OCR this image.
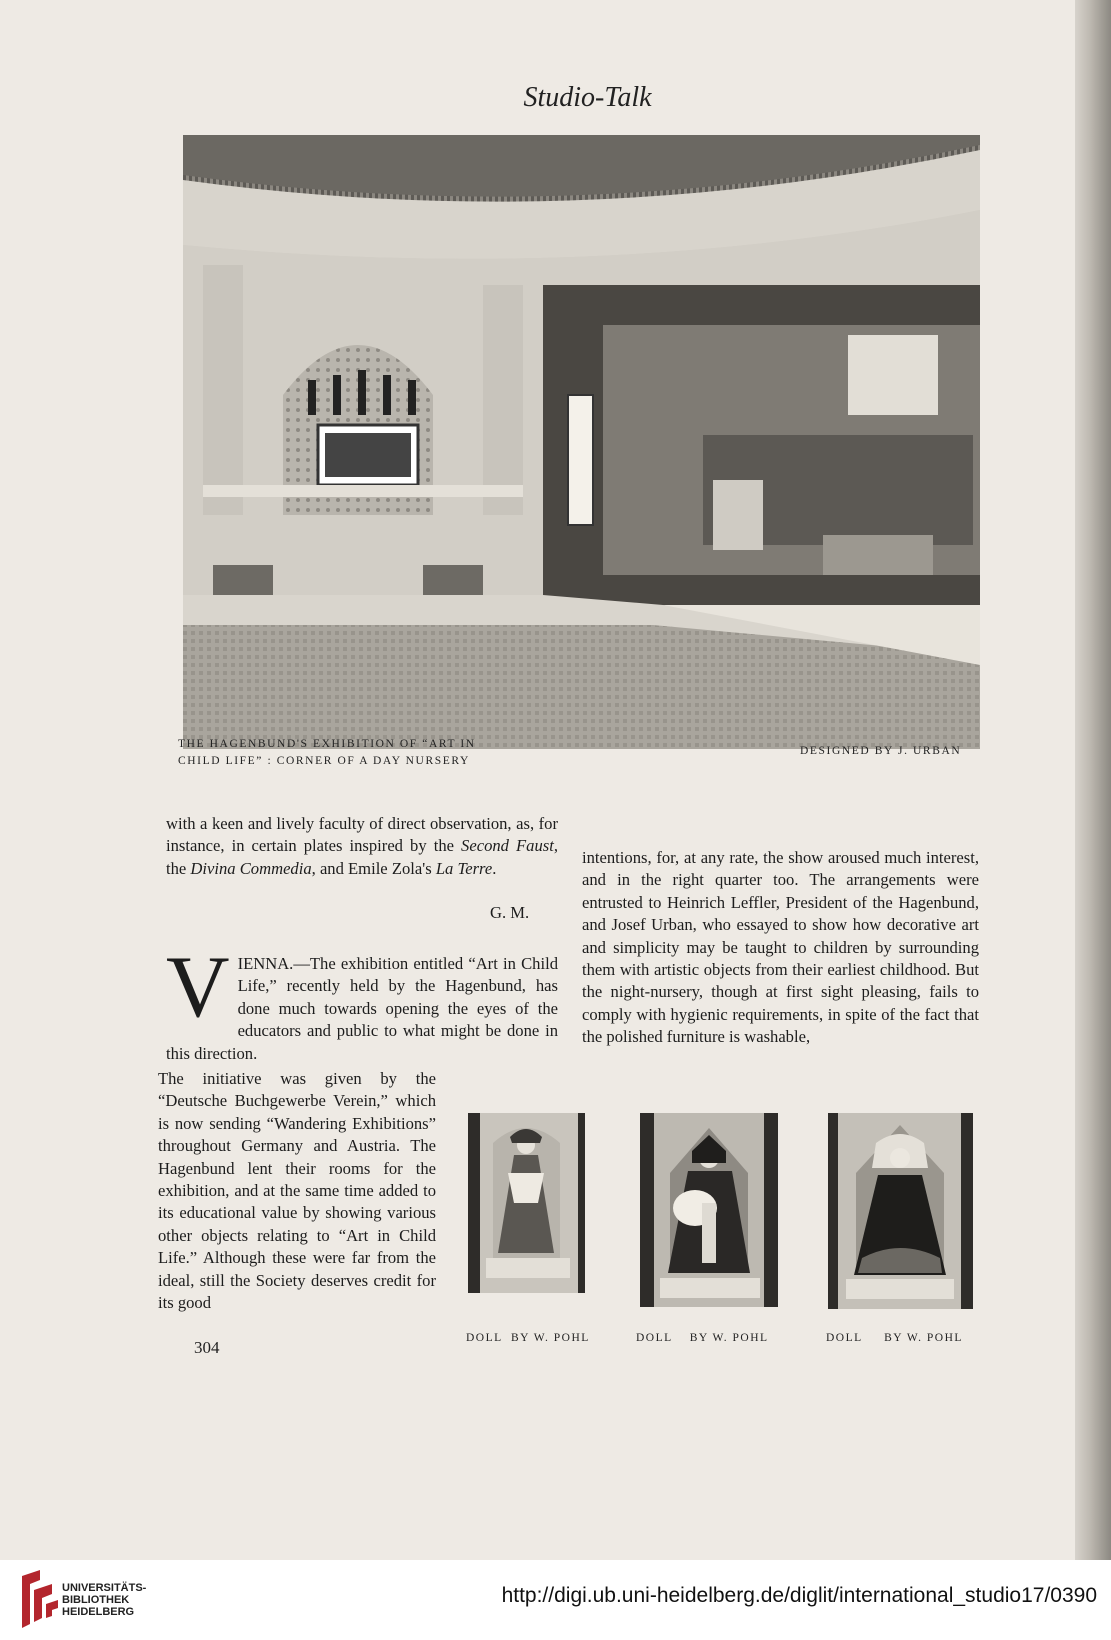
Studio-Talk
THE HAGENBUND'S EXHIBITION OF “ART IN
CHILD LIFE” : CORNER OF A DAY NURSERY
DESIGNED BY J. URBAN

with a keen and lively faculty of direct observation, as, for instance, in certain plates inspired by the Second Faust, the Divina Commedia, and Emile Zola's La Terre.

G. M.

VIENNA.—The exhibition entitled “Art in Child Life,” recently held by the Hagenbund, has done much towards opening the eyes of the educators and public to what might be done in this direction.

The initiative was given by the “Deutsche Buchgewerbe Verein,” which is now sending “Wandering Exhibitions” throughout Germany and Austria. The Hagenbund lent their rooms for the exhibition, and at the same time added to its educational value by showing various other objects relating to “Art in Child Life.” Although these were far from the ideal, still the Society deserves credit for its good

intentions, for, at any rate, the show aroused much interest, and in the right quarter too. The arrangements were entrusted to Heinrich Leffler, President of the Hagenbund, and Josef Urban, who essayed to show how decorative art and simplicity may be taught to children by surrounding them with artistic objects from their earliest childhood. But the night-nursery, though at first sight pleasing, fails to comply with hygienic requirements, in spite of the fact that the polished furniture is washable,

DOLL  BY W. POHL	DOLL    BY W. POHL	DOLL     BY W. POHL
304
UNIVERSITÄTS-
BIBLIOTHEK
HEIDELBERG
http://digi.ub.uni-heidelberg.de/diglit/international_studio17/0390
